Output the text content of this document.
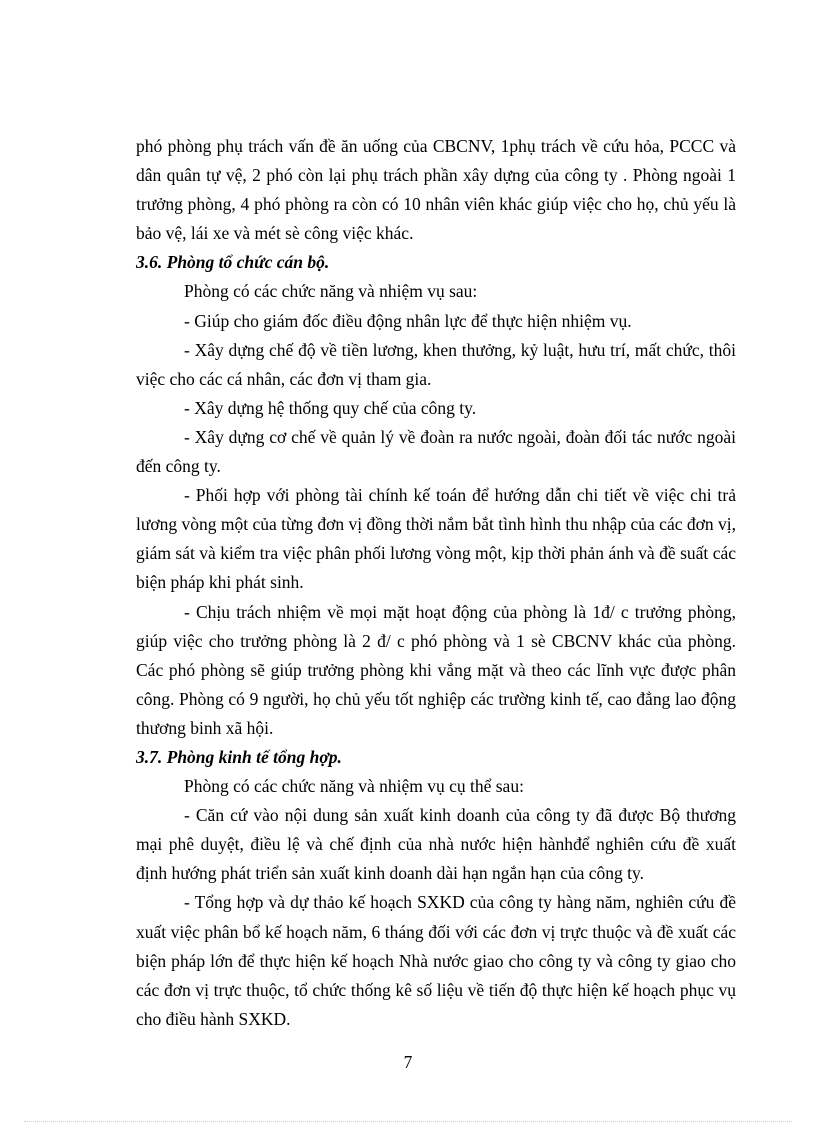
phó phòng phụ trách vấn đề ăn uống của CBCNV, 1phụ trách về cứu hỏa, PCCC và dân quân tự vệ, 2 phó còn lại phụ trách phần xây dựng của công ty . Phòng ngoài 1 trưởng phòng, 4 phó phòng ra còn có 10 nhân viên khác giúp việc cho họ, chủ yếu là bảo vệ, lái xe và mét sè công việc khác.

3.6. Phòng tổ chức cán bộ.

Phòng có các chức năng và nhiệm vụ sau:

- Giúp cho giám đốc điều động nhân lực để thực hiện nhiệm vụ.

- Xây dựng chế độ về tiền lương, khen thưởng, kỷ luật, hưu trí, mất chức, thôi việc cho các cá nhân, các đơn vị tham gia.

- Xây dựng hệ thống quy chế của công ty.

- Xây dựng cơ chế về quản lý về đoàn ra nước ngoài, đoàn đối tác nước ngoài đến công ty.

- Phối hợp với phòng tài chính kế toán để hướng dẫn chi tiết về việc chi trả lương vòng một của từng đơn vị đồng thời nắm bắt tình hình thu nhập của các đơn vị, giám sát và kiểm tra việc phân phối lương vòng một, kịp thời phản ánh và đề suất các biện pháp khi phát sinh.

- Chịu trách nhiệm về mọi mặt hoạt động của phòng là 1đ/ c trưởng phòng, giúp việc cho trưởng phòng là 2 đ/ c phó phòng và 1 sè CBCNV khác của phòng. Các phó phòng sẽ giúp trưởng phòng khi vắng mặt và theo các lĩnh vực được phân công. Phòng có 9 người, họ chủ yếu tốt nghiệp các trường kinh tế, cao đẳng lao động thương binh xã hội.

3.7. Phòng kinh tế tổng hợp.

Phòng có các chức năng và nhiệm vụ cụ thể sau:

- Căn cứ vào nội dung sản xuất kinh doanh của công ty đã được Bộ thương mại phê duyệt, điều lệ và chế định của nhà nước hiện hànhđể nghiên cứu đề xuất định hướng phát triển sản xuất kinh doanh dài hạn ngắn hạn của công ty.

- Tổng hợp và dự thảo kế hoạch SXKD của công ty hàng năm, nghiên cứu đề xuất việc phân bổ kế hoạch năm, 6 tháng đối với các đơn vị trực thuộc và đề xuất các biện pháp lớn để thực hiện kế hoạch Nhà nước giao cho công ty và công ty giao cho các đơn vị trực thuộc, tổ chức thống kê số liệu về tiến độ thực hiện kế hoạch phục vụ cho điều hành SXKD.

7
